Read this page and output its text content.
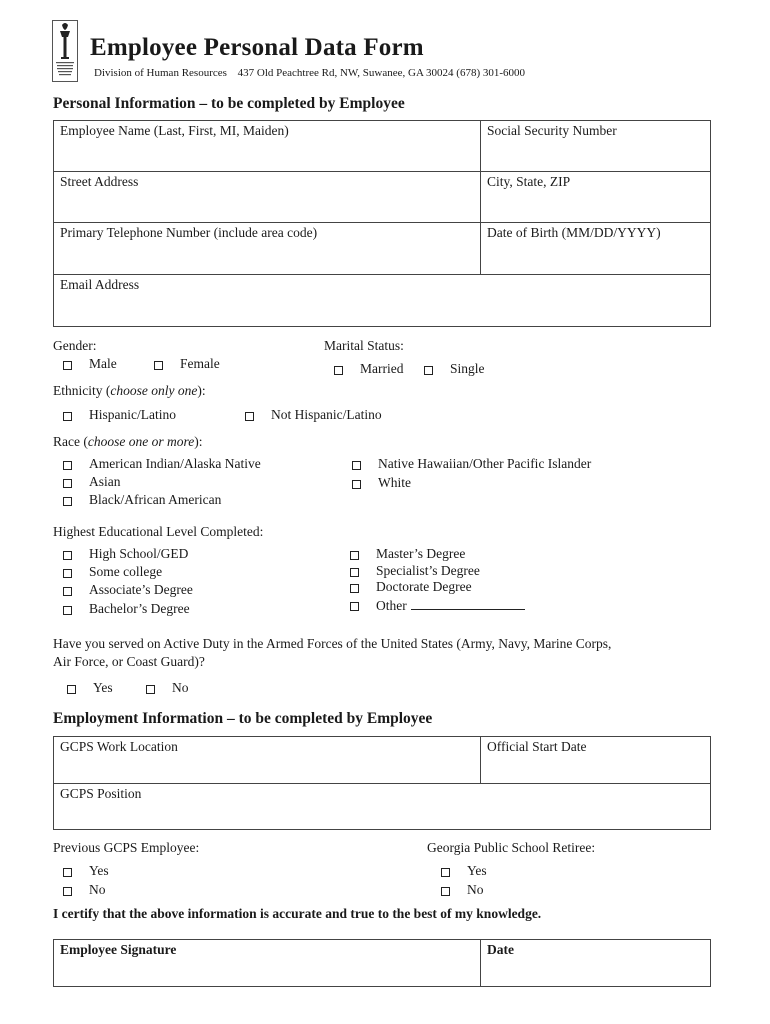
Employee Personal Data Form
Division of Human Resources 437 Old Peachtree Rd, NW, Suwanee, GA 30024 (678) 301-6000
Personal Information – to be completed by Employee
Employee Name (Last, First, MI, Maiden)	Social Security Number
Street Address	City, State, ZIP
Primary Telephone Number (include area code)	Date of Birth (MM/DD/YYYY)
Email Address
Gender:
Male	Female
Marital Status:
Married	Single
Ethnicity (choose only one):
Hispanic/Latino	Not Hispanic/Latino
Race (choose one or more):
American Indian/Alaska Native
Asian
Black/African American
Native Hawaiian/Other Pacific Islander
White
Highest Educational Level Completed:
High School/GED
Some college
Associate’s Degree
Bachelor’s Degree
Master’s Degree
Specialist’s Degree
Doctorate Degree
Other
Have you served on Active Duty in the Armed Forces of the United States (Army, Navy, Marine Corps,
Air Force, or Coast Guard)?
Yes	No
Employment Information – to be completed by Employee
GCPS Work Location	Official Start Date
GCPS Position
Previous GCPS Employee:
Yes
No
Georgia Public School Retiree:
Yes
No
I certify that the above information is accurate and true to the best of my knowledge.
Employee Signature	Date
